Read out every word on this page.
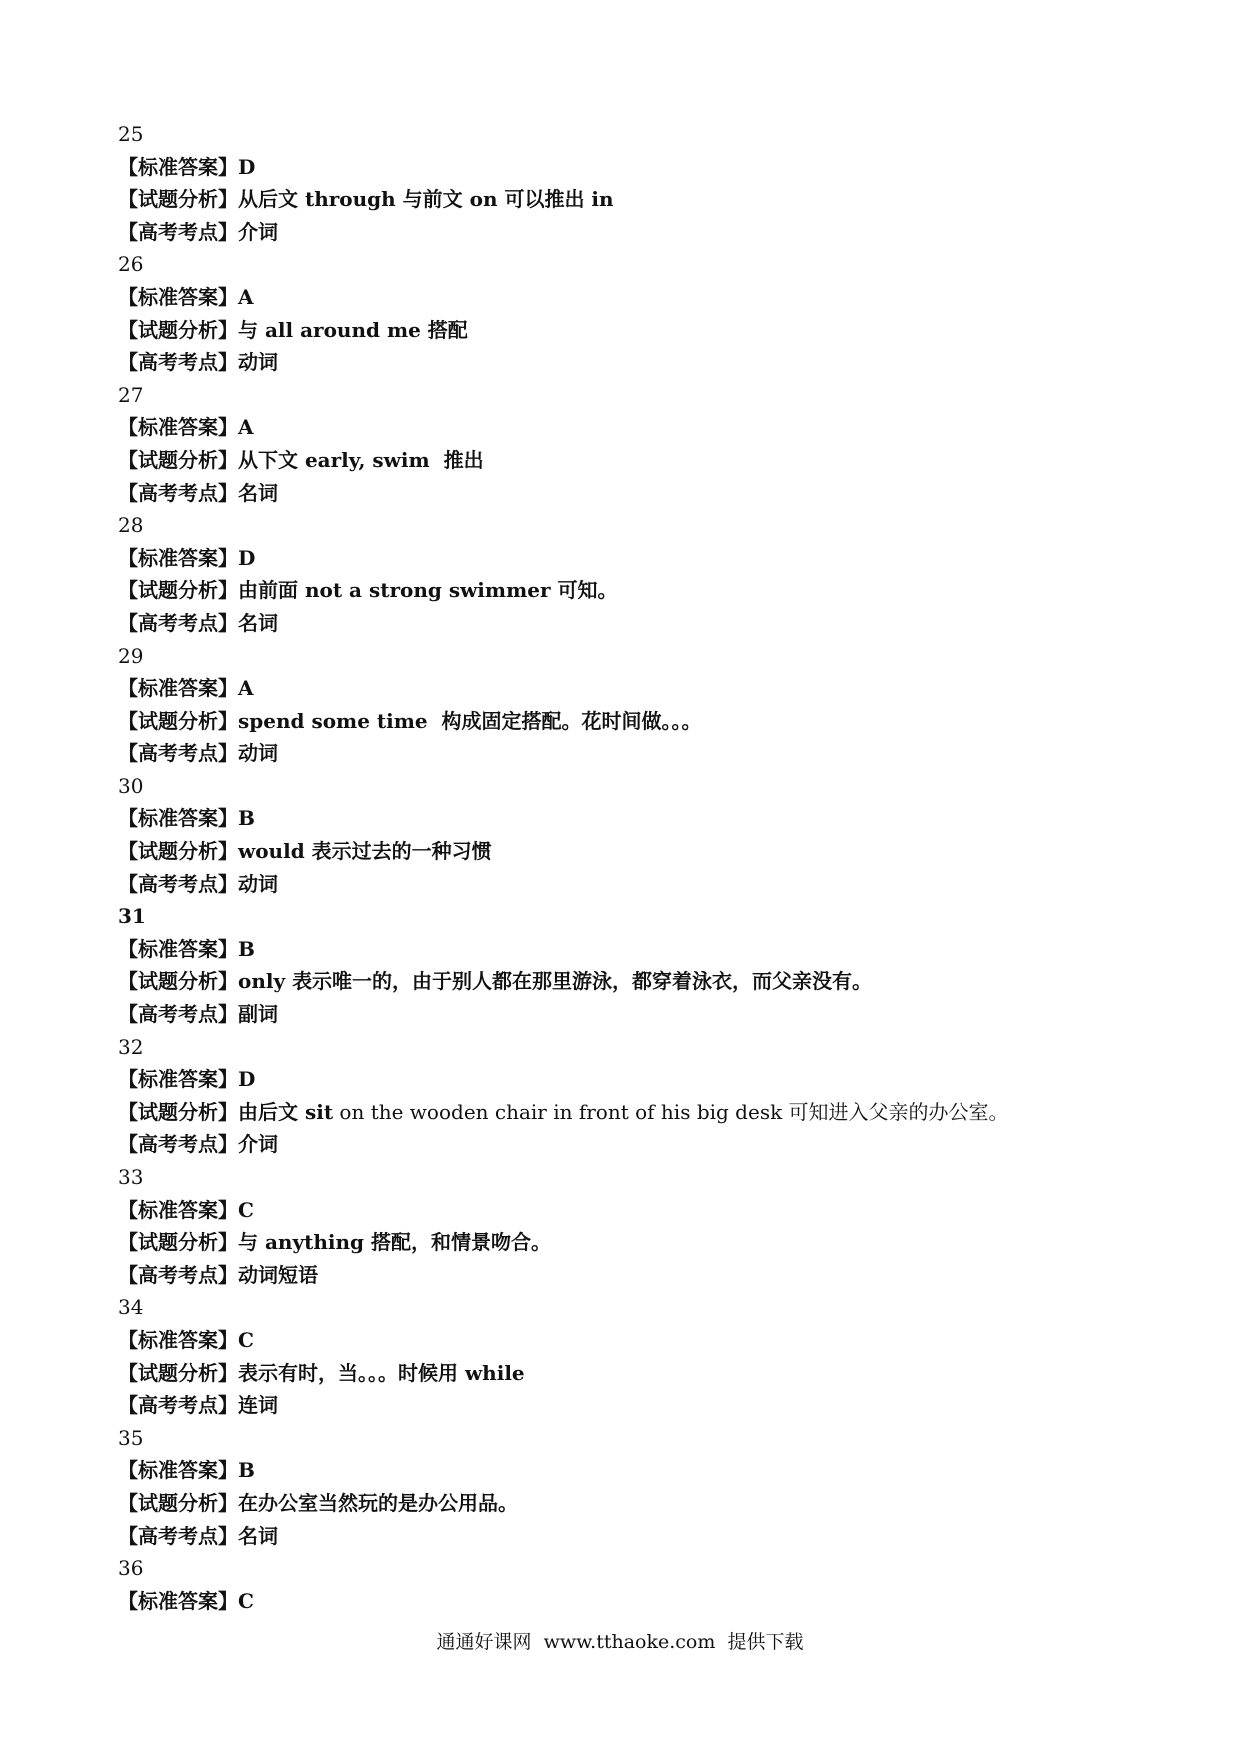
25
【标准答案】D
【试题分析】从后文 through 与前文 on 可以推出 in
【高考考点】介词
26
【标准答案】A
【试题分析】与 all around me 搭配
【高考考点】动词
27
【标准答案】A
【试题分析】从下文 early, swim  推出
【高考考点】名词
28
【标准答案】D
【试题分析】由前面 not a strong swimmer 可知。
【高考考点】名词
29
【标准答案】A
【试题分析】spend some time  构成固定搭配。花时间做。。。
【高考考点】动词
30
【标准答案】B
【试题分析】would 表示过去的一种习惯
【高考考点】动词
31
【标准答案】B
【试题分析】only 表示唯一的，由于别人都在那里游泳，都穿着泳衣，而父亲没有。
【高考考点】副词
32
【标准答案】D
【试题分析】由后文 sit on the wooden chair in front of his big desk 可知进入父亲的办公室。
【高考考点】介词
33
【标准答案】C
【试题分析】与 anything 搭配，和情景吻合。
【高考考点】动词短语
34
【标准答案】C
【试题分析】表示有时，当。。。时候用 while
【高考考点】连词
35
【标准答案】B
【试题分析】在办公室当然玩的是办公用品。
【高考考点】名词
36
【标准答案】C
通通好课网  www.tthaoke.com  提供下载
